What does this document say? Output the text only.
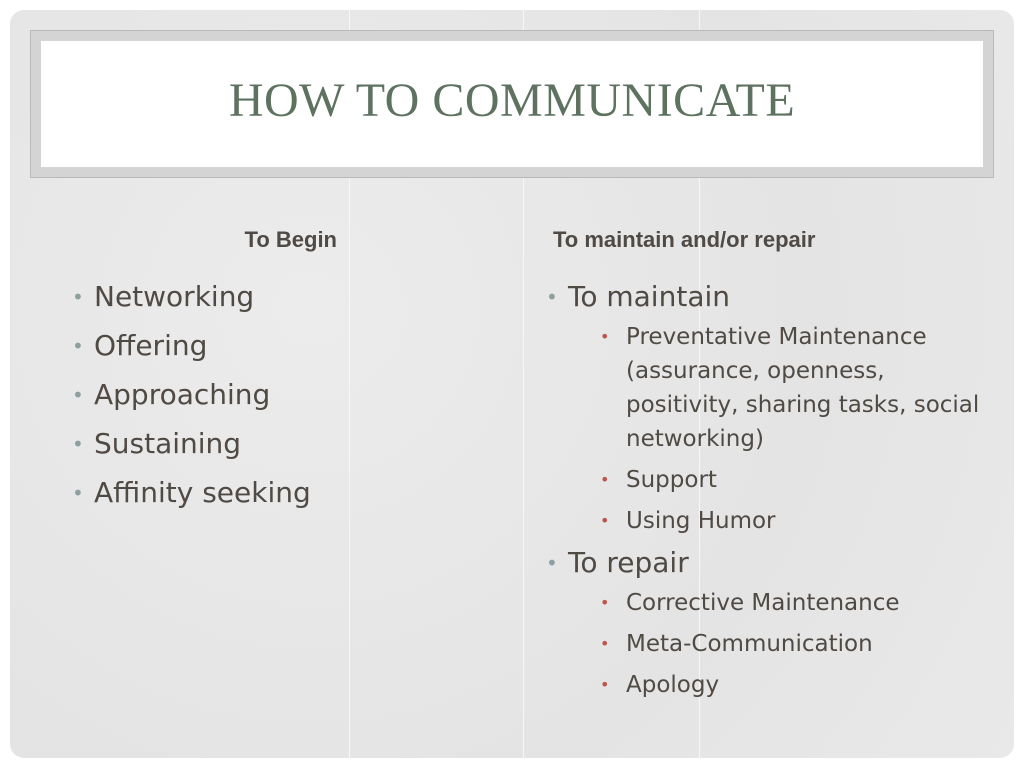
HOW TO COMMUNICATE
To Begin	To maintain and/or repair
• Networking
• Offering
• Approaching
• Sustaining
• Affinity seeking
• To maintain
• Preventative Maintenance (assurance, openness, positivity, sharing tasks, social networking)
• Support
• Using Humor
• To repair
• Corrective Maintenance
• Meta-Communication
• Apology
